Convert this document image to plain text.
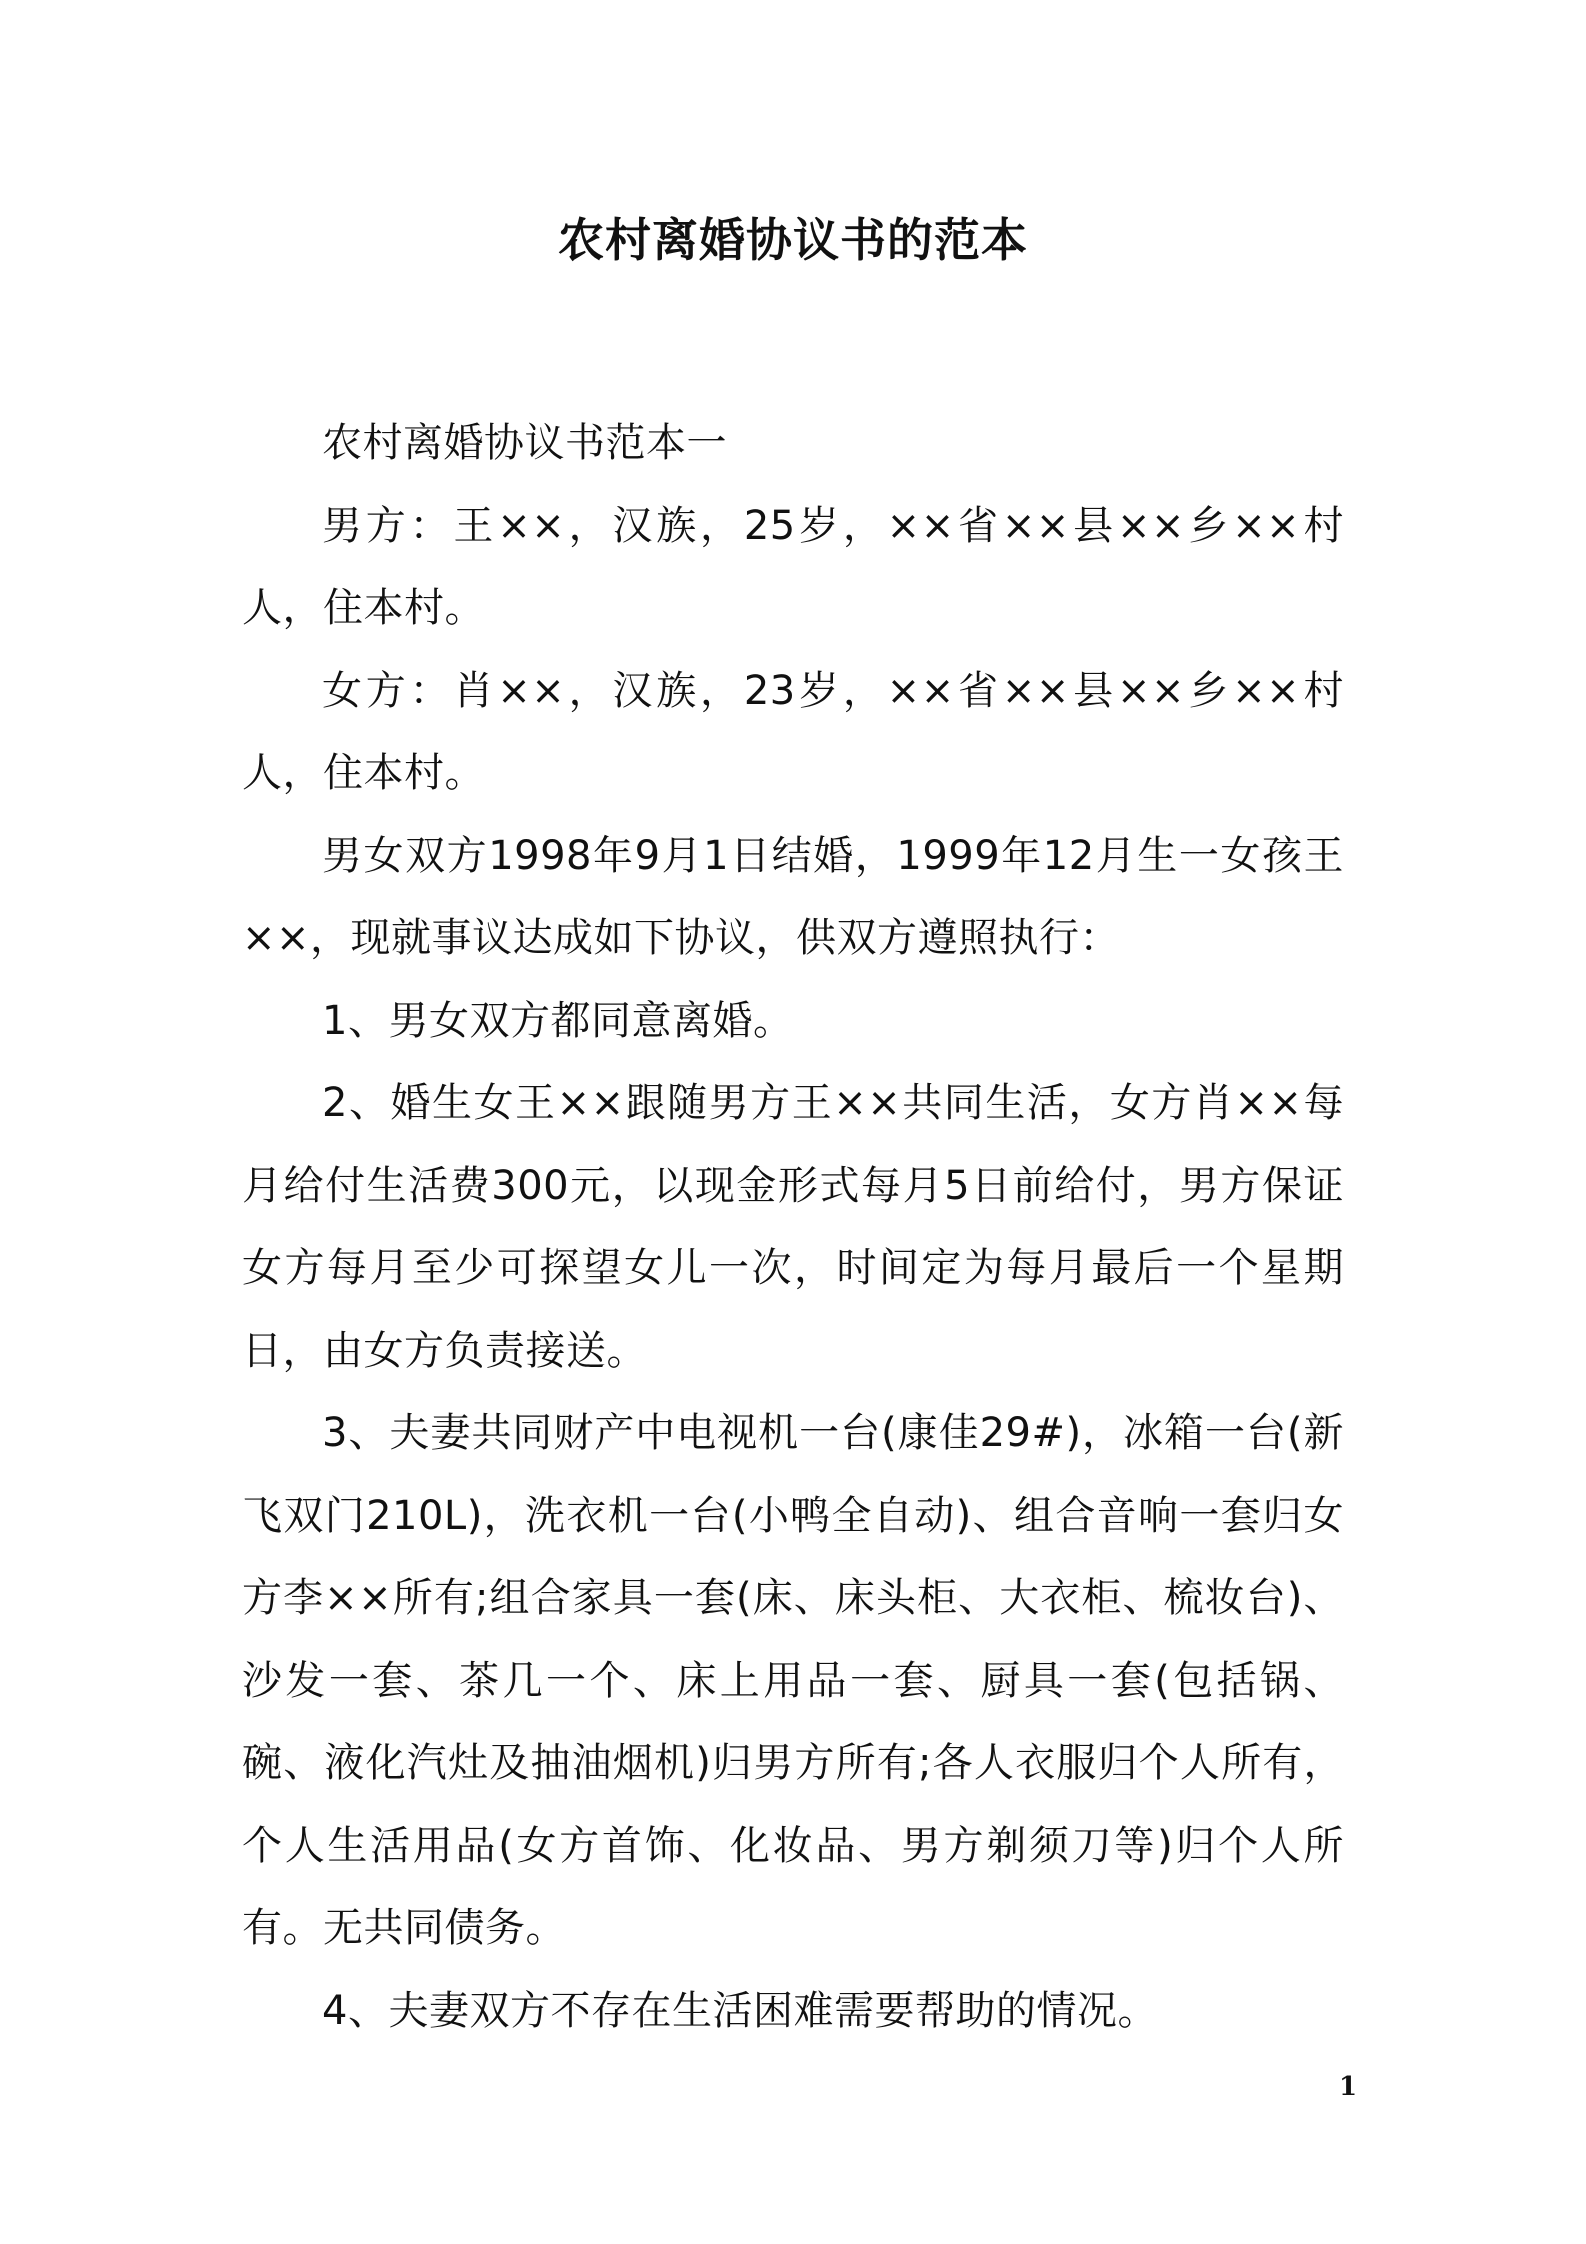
农村离婚协议书的范本

农村离婚协议书范本一

男方：王××，汉族，25岁，××省××县××乡××村人，住本村。

女方：肖××，汉族，23岁，××省××县××乡××村人，住本村。

男女双方1998年9月1日结婚，1999年12月生一女孩王××，现就事议达成如下协议，供双方遵照执行：

1、男女双方都同意离婚。

2、婚生女王××跟随男方王××共同生活，女方肖××每月给付生活费300元，以现金形式每月5日前给付，男方保证女方每月至少可探望女儿一次，时间定为每月最后一个星期日，由女方负责接送。

3、夫妻共同财产中电视机一台(康佳29#)，冰箱一台(新飞双门210L)，洗衣机一台(小鸭全自动)、组合音响一套归女方李××所有;组合家具一套(床、床头柜、大衣柜、梳妆台)、沙发一套、茶几一个、床上用品一套、厨具一套(包括锅、碗、液化汽灶及抽油烟机)归男方所有;各人衣服归个人所有，个人生活用品(女方首饰、化妆品、男方剃须刀等)归个人所有。无共同债务。

4、夫妻双方不存在生活困难需要帮助的情况。

1
